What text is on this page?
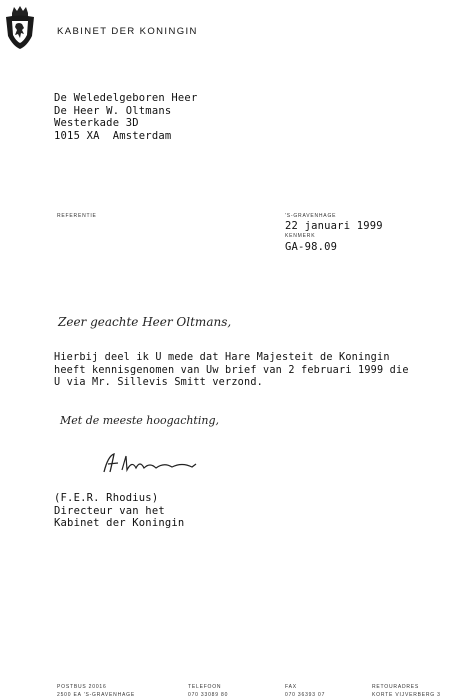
KABINET DER KONINGIN
De Weledelgeboren Heer
De Heer W. Oltmans
Westerkade 3D
1015 XA  Amsterdam
REFERENTIE	'S-GRAVENHAGE
22 januari 1999
KENMERK
GA-98.09
Zeer geachte Heer Oltmans,
Hierbij deel ik U mede dat Hare Majesteit de Koningin
heeft kennisgenomen van Uw brief van 2 februari 1999 die
U via Mr. Sillevis Smitt verzond.
Met de meeste hoogachting,
(F.E.R. Rhodius)
Directeur van het
Kabinet der Koningin
POSTBUS 20016
2500 EA 'S-GRAVENHAGE
TELEFOON
070 33089 80
FAX
070 36393 07
RETOURADRES
KORTE VIJVERBERG 3
